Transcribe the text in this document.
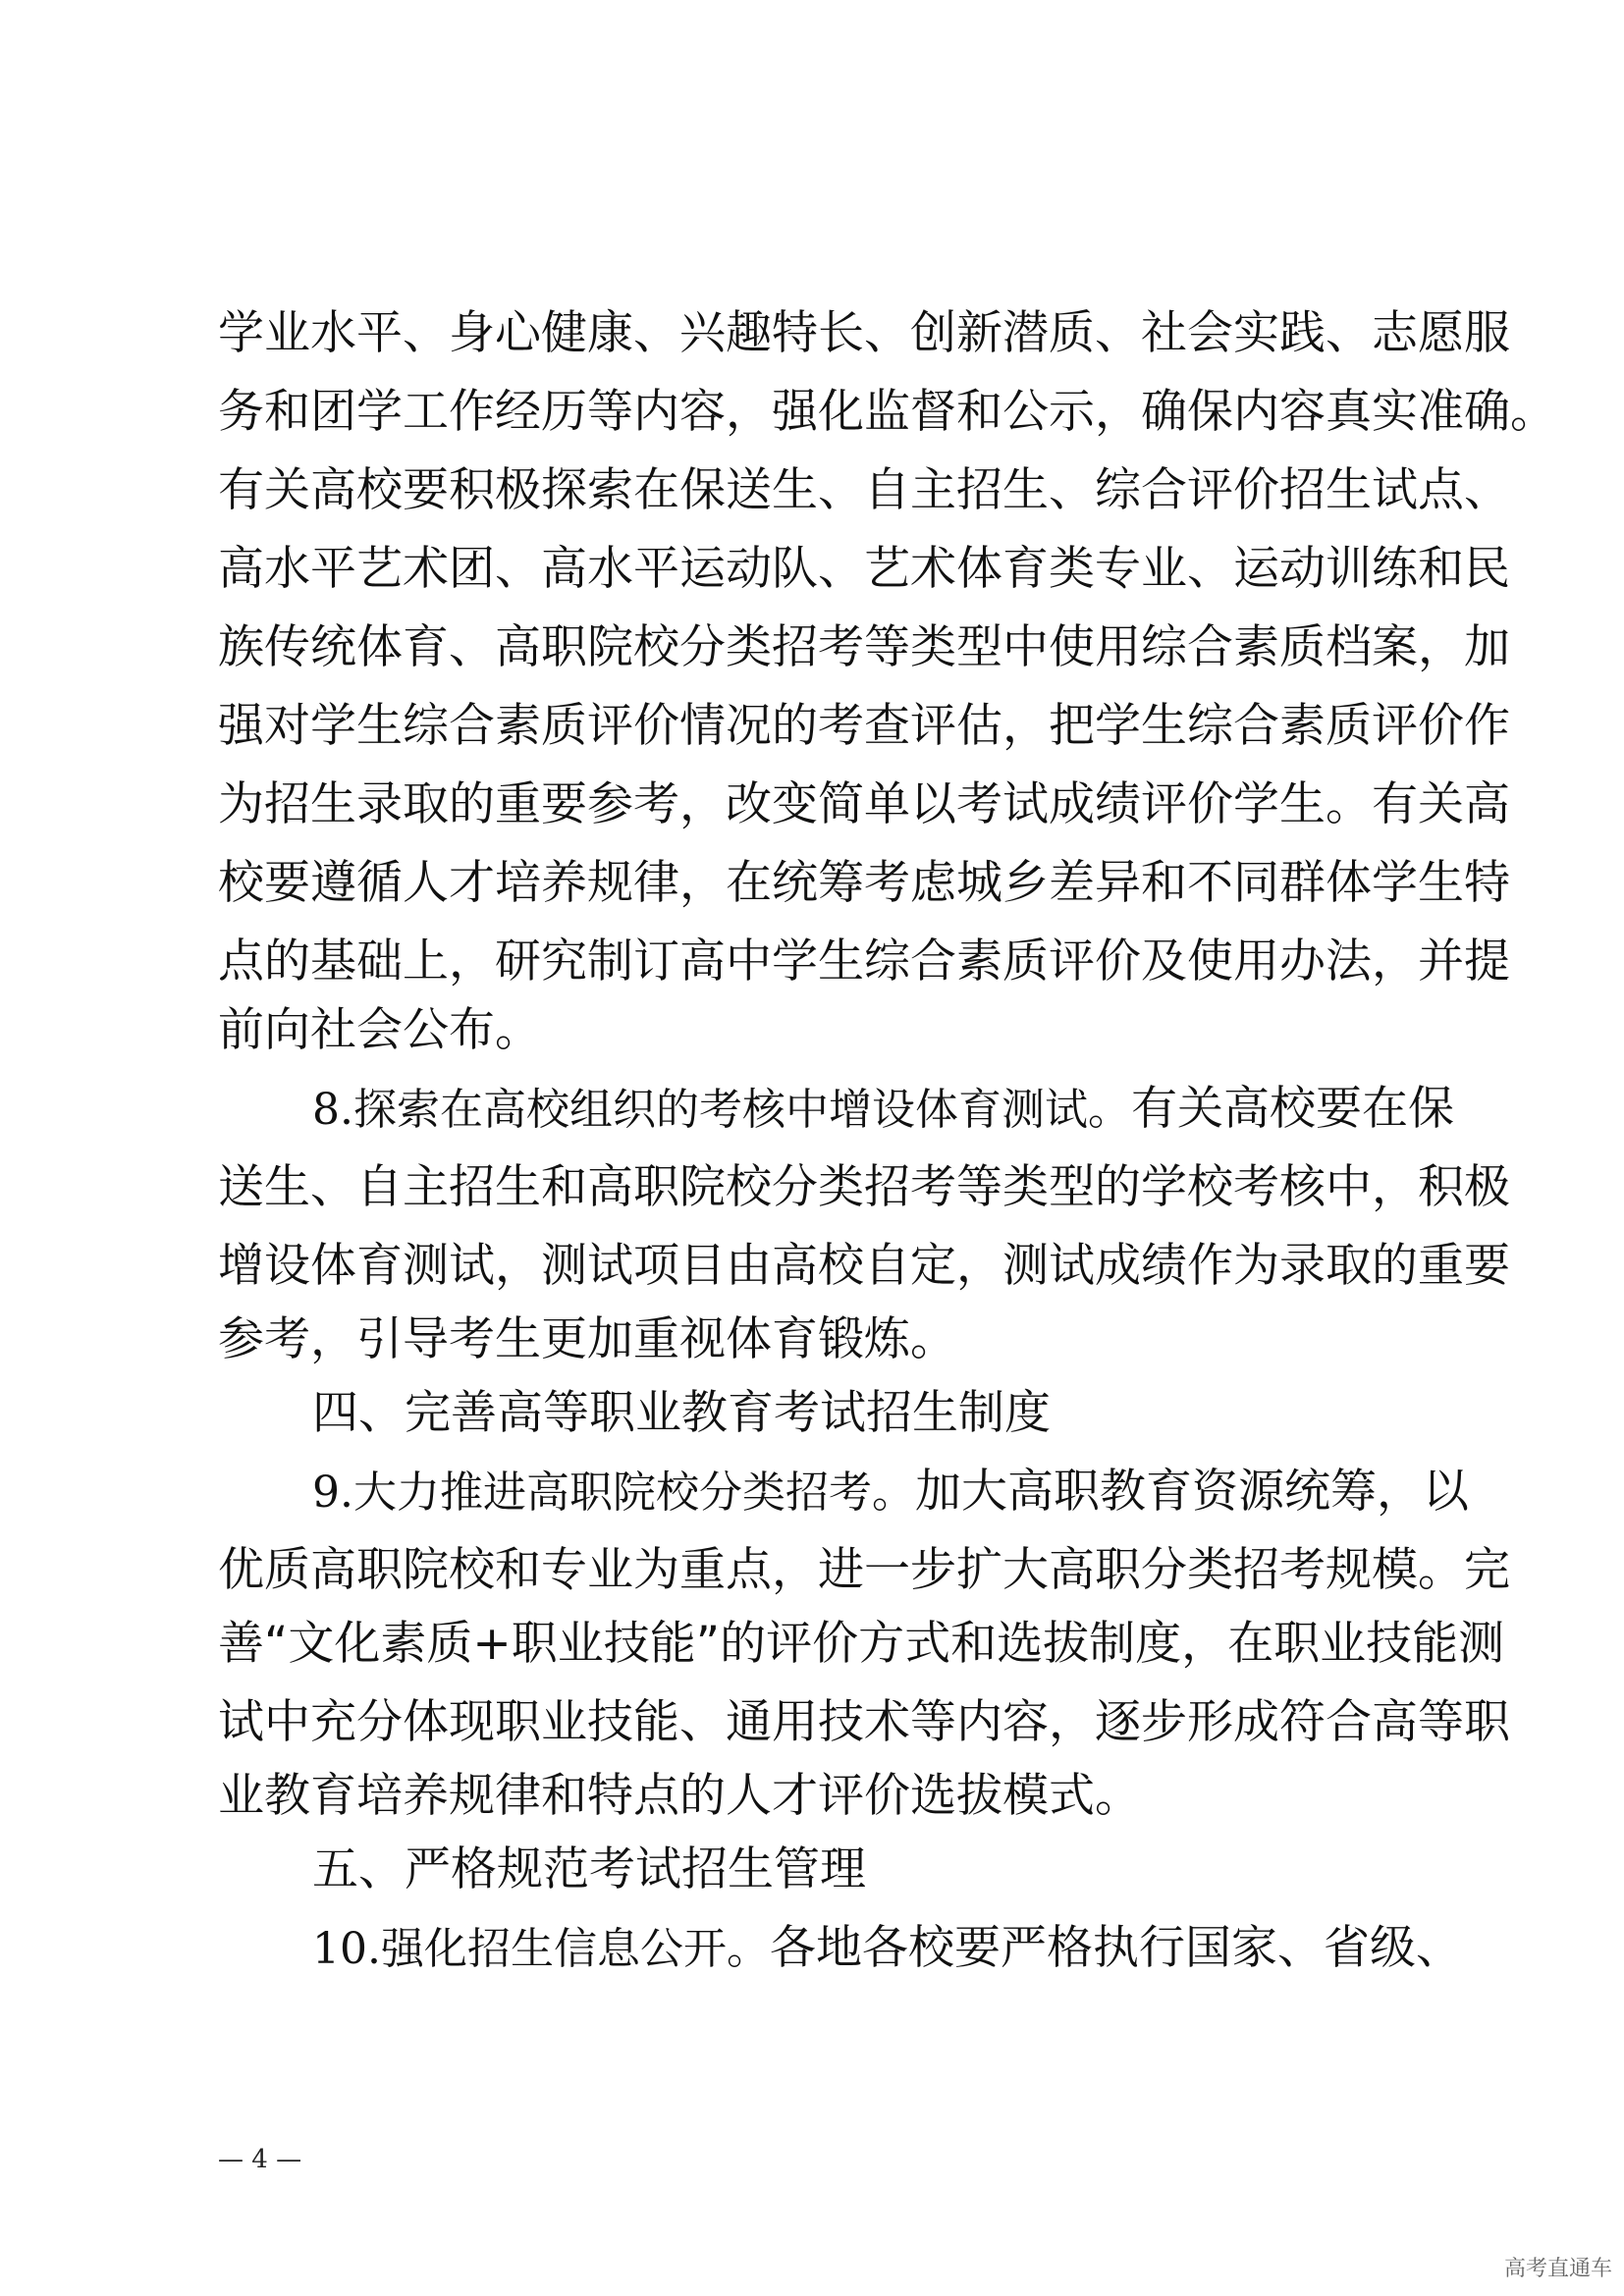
学业水平、身心健康、兴趣特长、创新潜质、社会实践、志愿服
务和团学工作经历等内容，强化监督和公示，确保内容真实准确。
有关高校要积极探索在保送生、自主招生、综合评价招生试点、
高水平艺术团、高水平运动队、艺术体育类专业、运动训练和民
族传统体育、高职院校分类招考等类型中使用综合素质档案，加
强对学生综合素质评价情况的考查评估，把学生综合素质评价作
为招生录取的重要参考，改变简单以考试成绩评价学生。有关高
校要遵循人才培养规律，在统筹考虑城乡差异和不同群体学生特
点的基础上，研究制订高中学生综合素质评价及使用办法，并提
前向社会公布。
8.探索在高校组织的考核中增设体育测试。有关高校要在保
送生、自主招生和高职院校分类招考等类型的学校考核中，积极
增设体育测试，测试项目由高校自定，测试成绩作为录取的重要
参考，引导考生更加重视体育锻炼。
四、完善高等职业教育考试招生制度
9.大力推进高职院校分类招考。加大高职教育资源统筹，以
优质高职院校和专业为重点，进一步扩大高职分类招考规模。完
善“文化素质+职业技能”的评价方式和选拔制度，在职业技能测
试中充分体现职业技能、通用技术等内容，逐步形成符合高等职
业教育培养规律和特点的人才评价选拔模式。
五、严格规范考试招生管理
10.强化招生信息公开。各地各校要严格执行国家、省级、
— 4 —
高考直通车
